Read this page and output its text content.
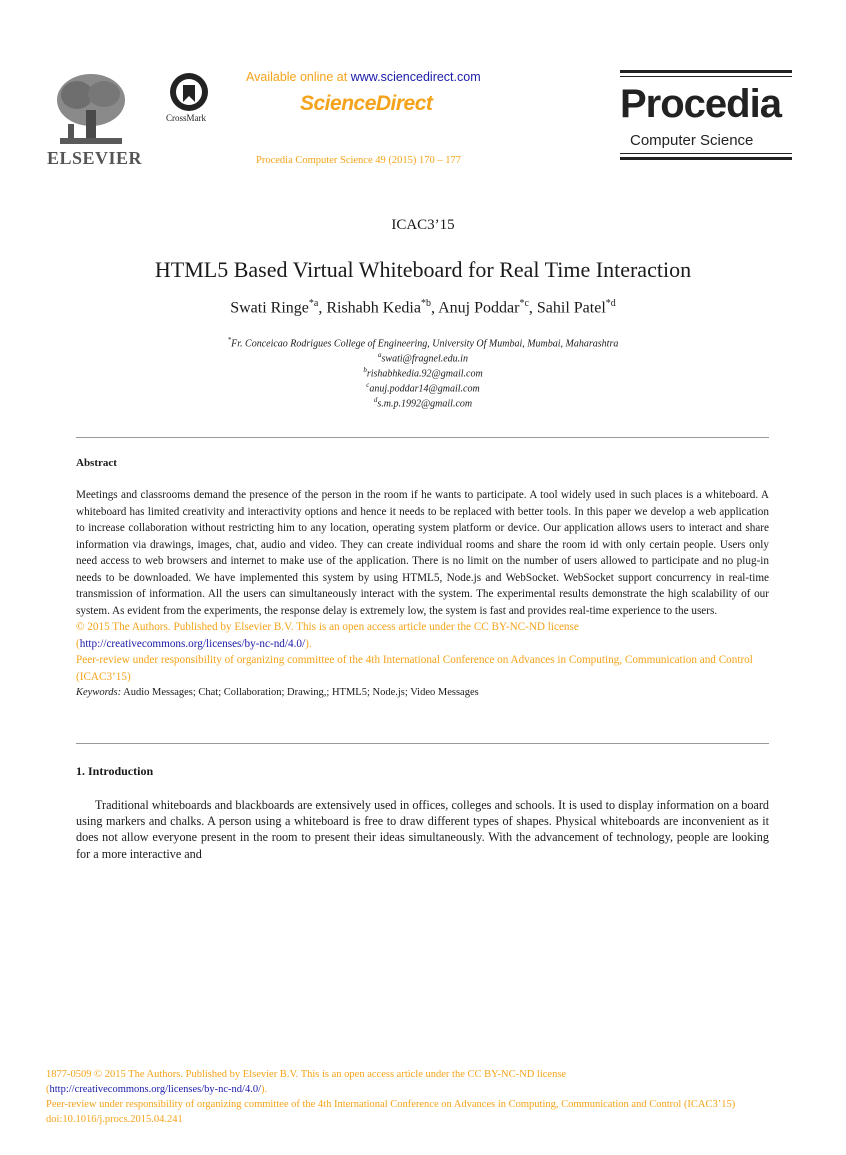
ELSEVIER
CrossMark
Available online at www.sciencedirect.com
ScienceDirect
Procedia Computer Science 49 (2015) 170 – 177
Procedia
Computer Science
ICAC3’15
HTML5 Based Virtual Whiteboard for Real Time Interaction
Swati Ringe$^{*a}$, Rishabh Kedia$^{*b}$, Anuj Poddar$^{*c}$, Sahil Patel$^{*d}$
*Fr. Conceicao Rodrigues College of Engineering, University Of Mumbai, Mumbai, Maharashtra
$^a$swati@fragnel.edu.in
$^b$rishabhkedia.92@gmail.com
$^c$anuj.poddar14@gmail.com
$^d$s.m.p.1992@gmail.com
Abstract

Meetings and classrooms demand the presence of the person in the room if he wants to participate. A tool widely used in such places is a whiteboard. A whiteboard has limited creativity and interactivity options and hence it needs to be replaced with better tools. In this paper we develop a web application to increase collaboration without restricting him to any location, operating system platform or device. Our application allows users to interact and share information via drawings, images, chat, audio and video. They can create individual rooms and share the room id with only certain people. Users only need access to web browsers and internet to make use of the application. There is no limit on the number of users allowed to participate and no plug-in needs to be downloaded. We have implemented this system by using HTML5, Node.js and WebSocket. WebSocket support concurrency in real-time transmission of information. All the users can simultaneously interact with the system. The experimental results demonstrate the high scalability of our system. As evident from the experiments, the response delay is extremely low, the system is fast and provides real-time experience to the users.

© 2015 The Authors. Published by Elsevier B.V. This is an open access article under the CC BY-NC-ND license
(http://creativecommons.org/licenses/by-nc-nd/4.0/).
Peer-review under responsibility of organizing committee of the 4th International Conference on Advances in Computing, Communication and Control (ICAC3’15)

Keywords: Audio Messages; Chat; Collaboration; Drawing,; HTML5; Node.js; Video Messages

1. Introduction

Traditional whiteboards and blackboards are extensively used in offices, colleges and schools. It is used to display information on a board using markers and chalks. A person using a whiteboard is free to draw different types of shapes. Physical whiteboards are inconvenient as it does not allow everyone present in the room to present their ideas simultaneously. With the advancement of technology, people are looking for a more interactive and

1877-0509 © 2015 The Authors. Published by Elsevier B.V. This is an open access article under the CC BY-NC-ND license
(http://creativecommons.org/licenses/by-nc-nd/4.0/).
Peer-review under responsibility of organizing committee of the 4th International Conference on Advances in Computing, Communication and Control (ICAC3’15)
doi:10.1016/j.procs.2015.04.241
